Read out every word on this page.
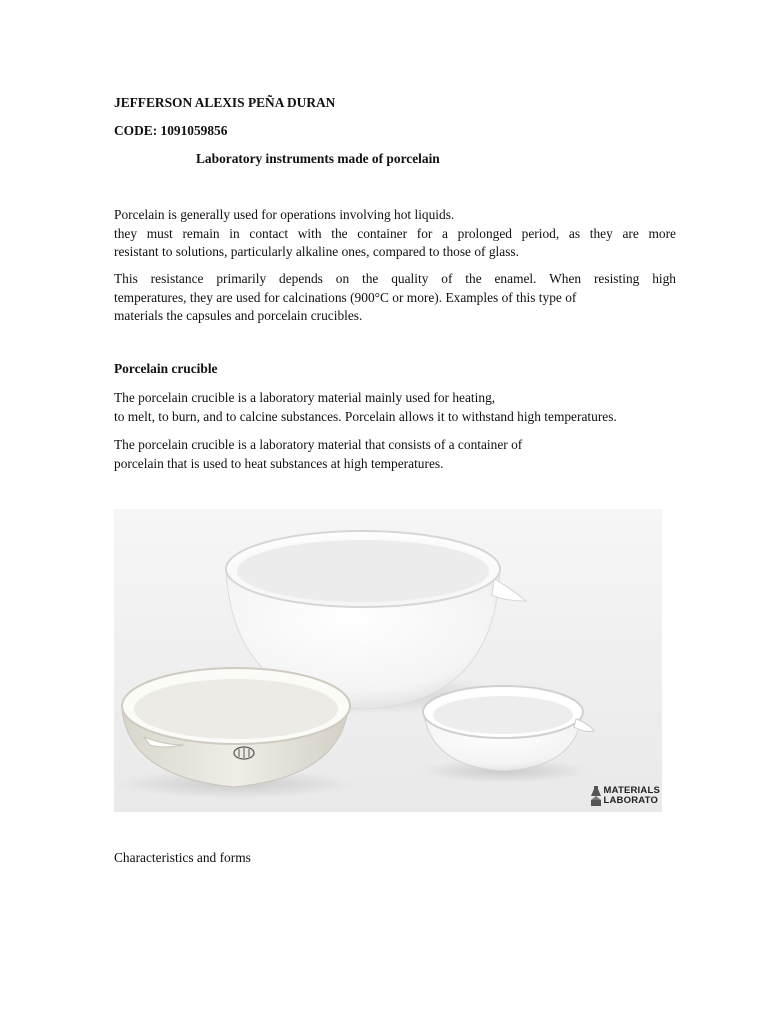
JEFFERSON ALEXIS PEÑA DURAN

CODE: 1091059856

Laboratory instruments made of porcelain

Porcelain is generally used for operations involving hot liquids.
they must remain in contact with the container for a prolonged period, as they are more
resistant to solutions, particularly alkaline ones, compared to those of glass.
This resistance primarily depends on the quality of the enamel. When resisting high
temperatures, they are used for calcinations (900°C or more). Examples of this type of
materials the capsules and porcelain crucibles.

Porcelain crucible

The porcelain crucible is a laboratory material mainly used for heating,
to melt, to burn, and to calcine substances. Porcelain allows it to withstand high temperatures.
The porcelain crucible is a laboratory material that consists of a container of
porcelain that is used to heat substances at high temperatures.
MATERIALS
LABORATO

Characteristics and forms
